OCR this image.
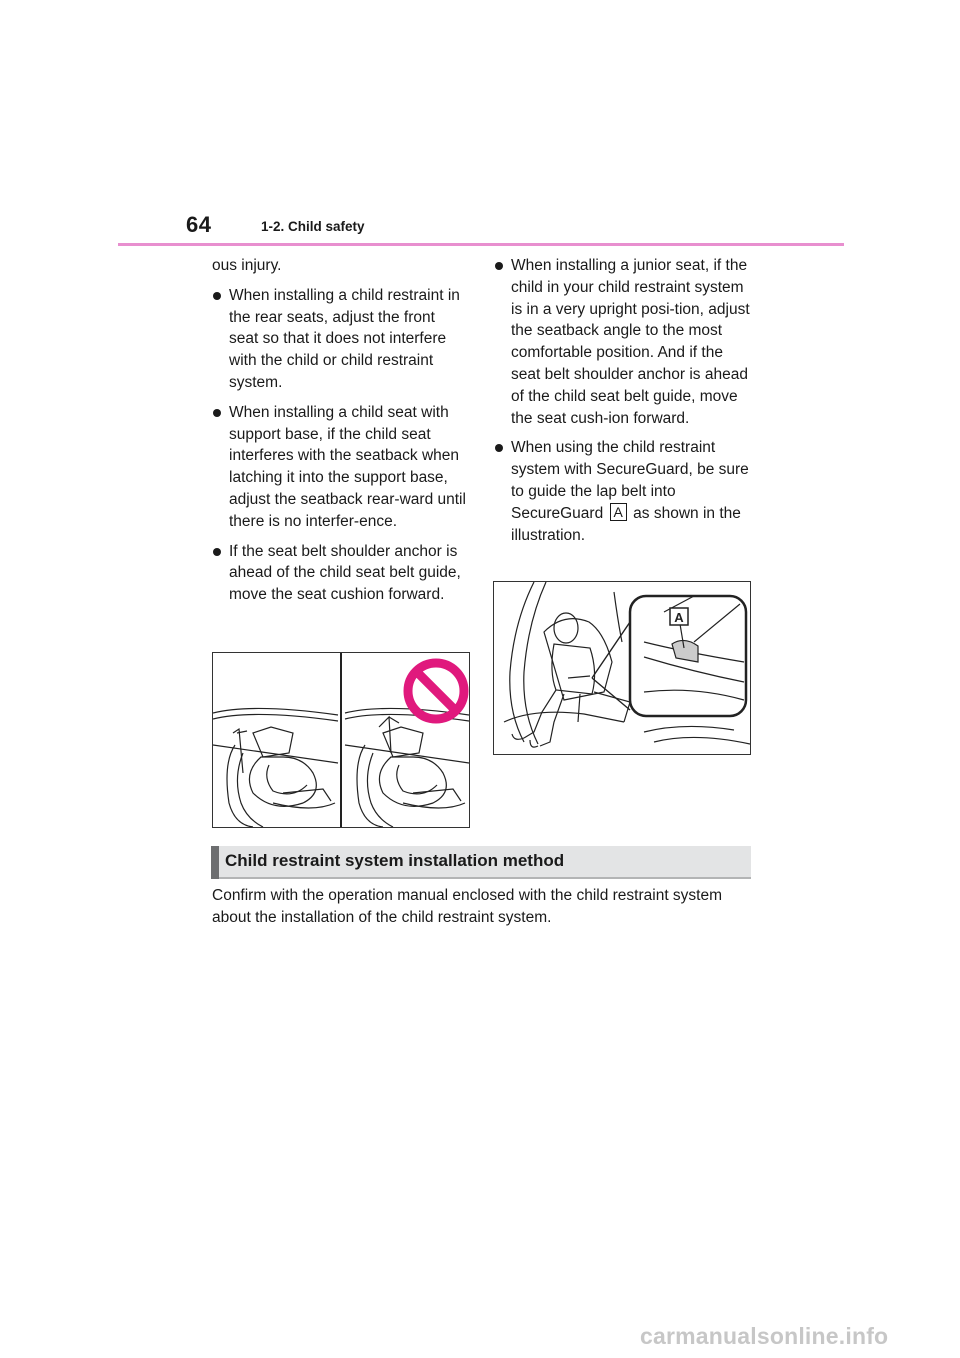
64	1-2. Child safety

ous injury.

When installing a child restraint in the rear seats, adjust the front seat so that it does not interfere with the child or child restraint system.
When installing a child seat with support base, if the child seat interferes with the seatback when latching it into the support base, adjust the seatback rear-ward until there is no interfer-ence.
If the seat belt shoulder anchor is ahead of the child seat belt guide, move the seat cushion forward.
When installing a junior seat, if the child in your child restraint system is in a very upright posi-tion, adjust the seatback angle to the most comfortable position. And if the seat belt shoulder anchor is ahead of the child seat belt guide, move the seat cush-ion forward.
When using the child restraint system with SecureGuard, be sure to guide the lap belt into SecureGuard A as shown in the illustration.
A
Child restraint system installation method
Confirm with the operation manual enclosed with the child restraint system about the installation of the child restraint system.
carmanualsonline.info
